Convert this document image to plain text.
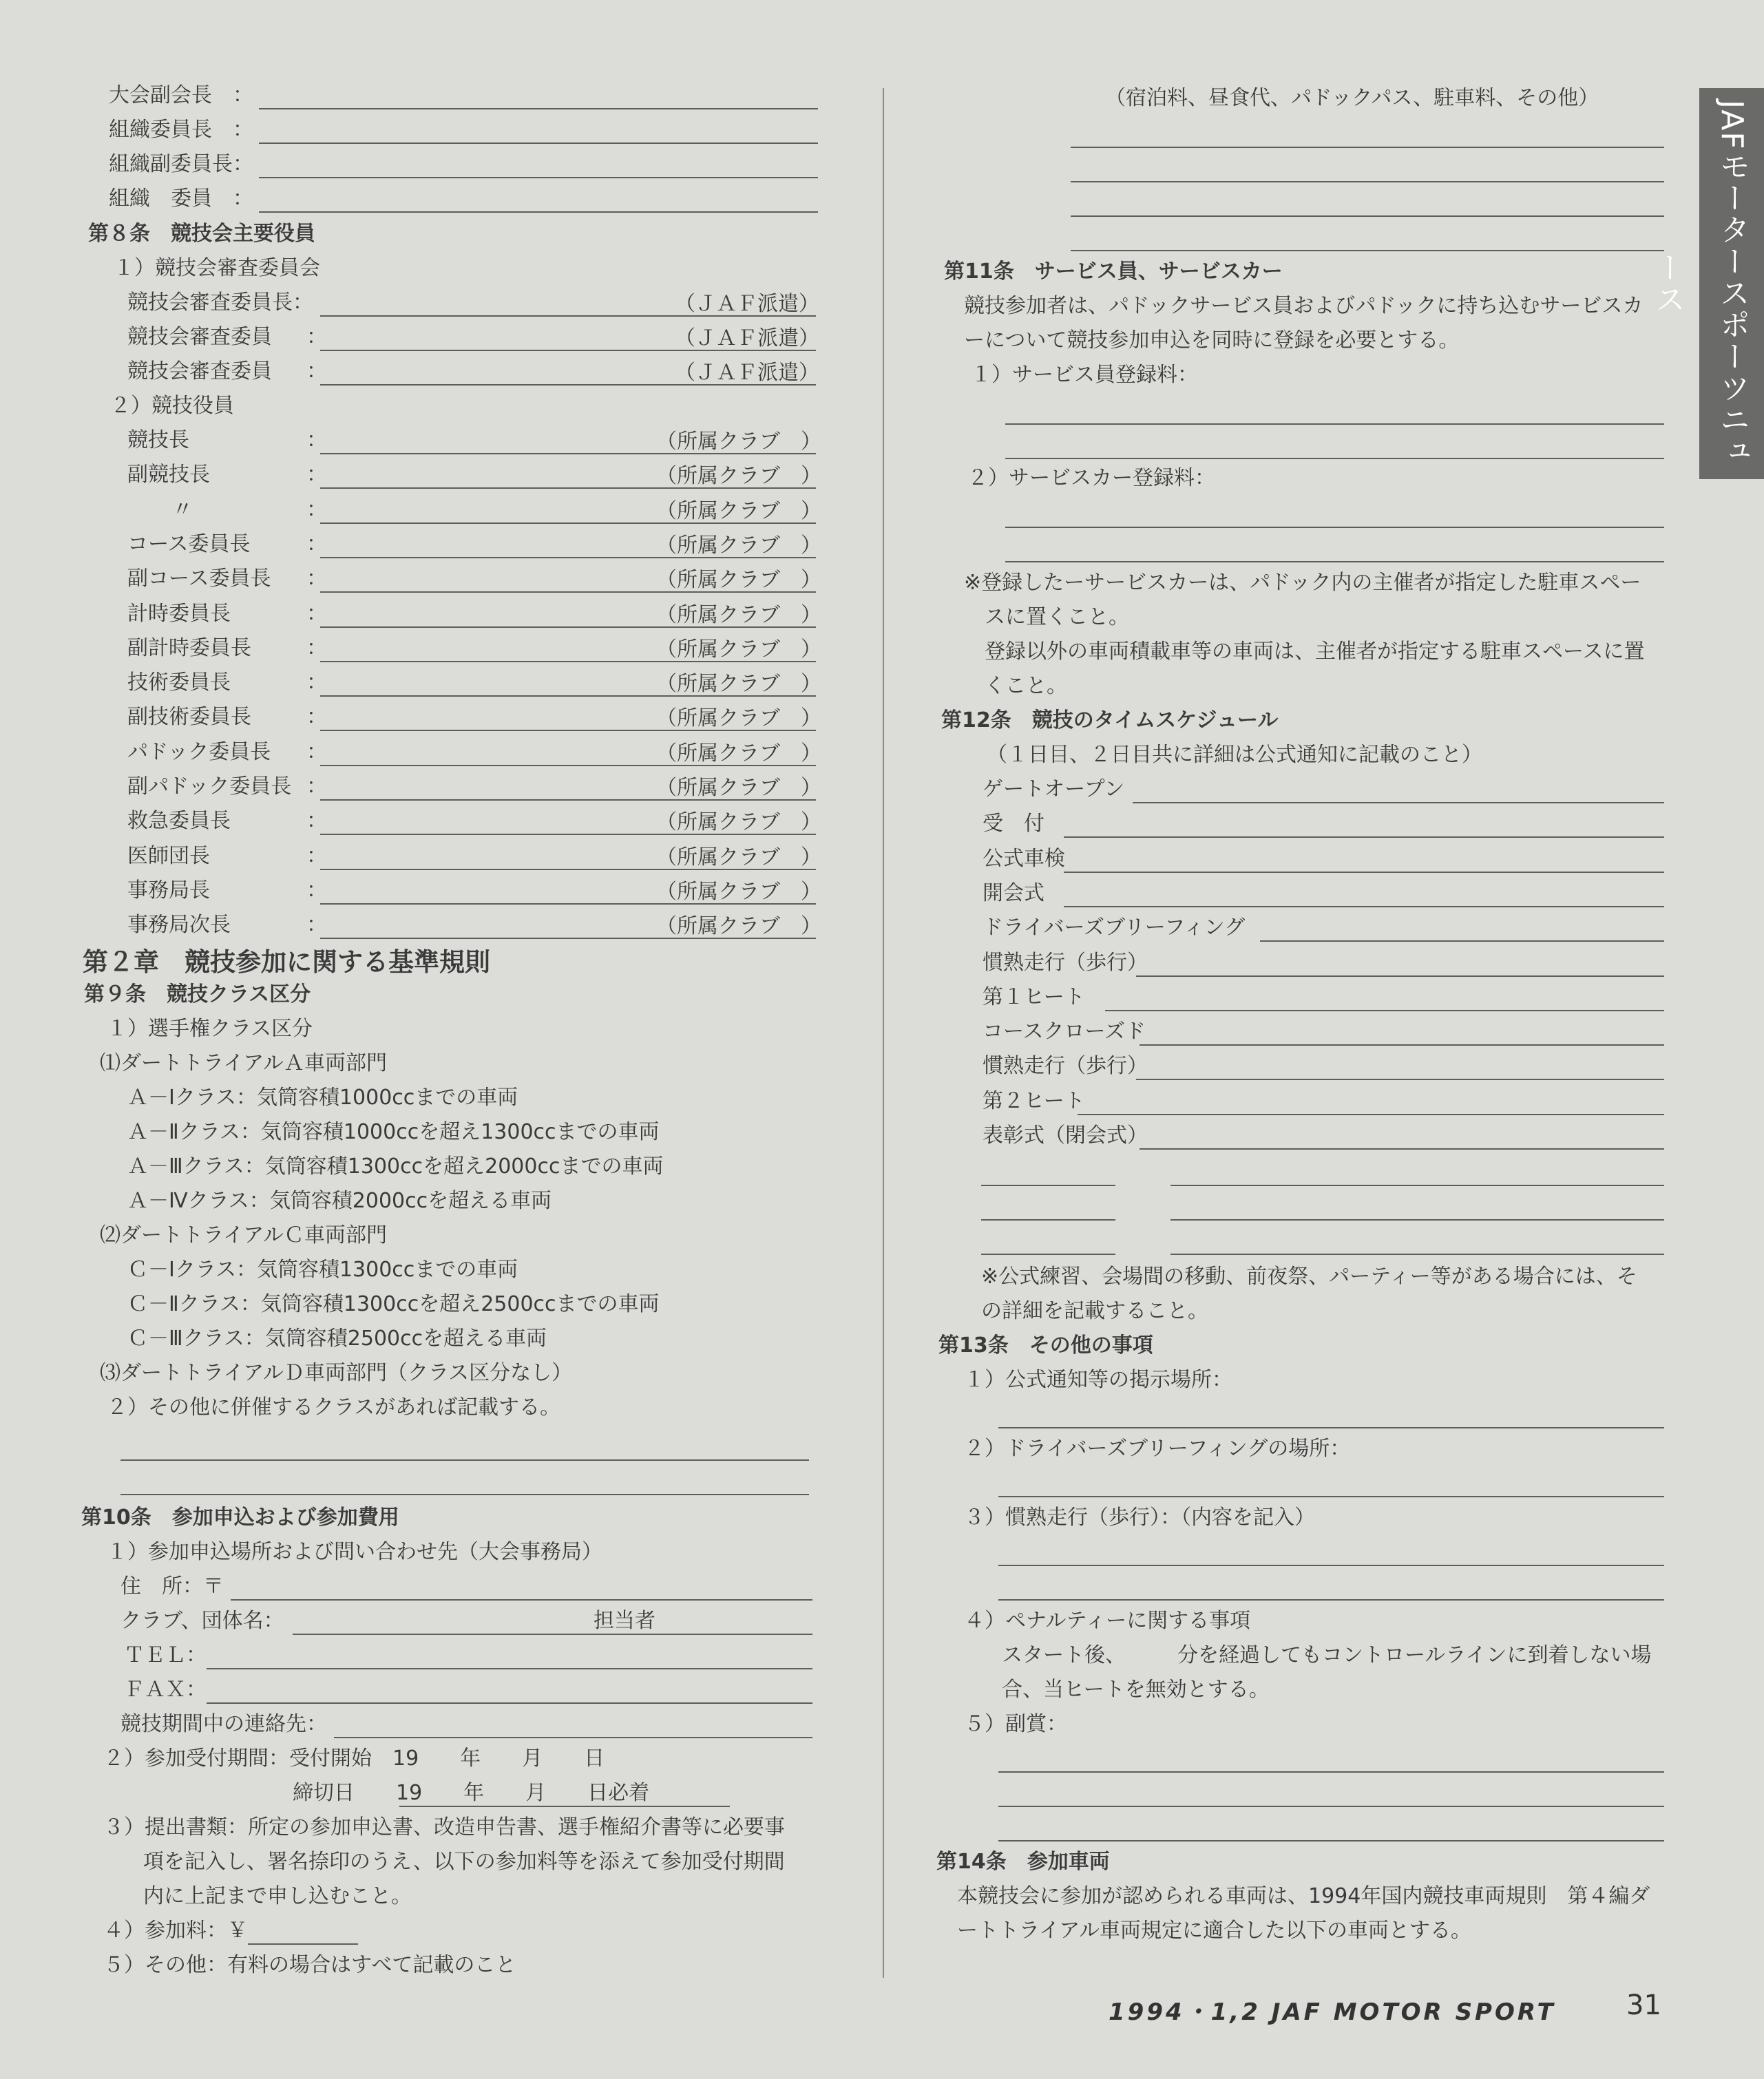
JAFモータースポーツニュース
大会副会長　：
組織委員長　：
組織副委員長：
組織　委員　：
第８条　競技会主要役員
１）競技会審査委員会
競技会審査委員長：	（ＪＡＦ派遣）
競技会審査委員 ：	（ＪＡＦ派遣）
競技会審査委員 ：	（ＪＡＦ派遣）
２）競技役員
競技長	：	（所属クラブ　）
副競技長	：	（所属クラブ　）
〃	：	（所属クラブ　）
コース委員長	：	（所属クラブ　）
副コース委員長 ：	（所属クラブ　）
計時委員長	：	（所属クラブ　）
副計時委員長	：	（所属クラブ　）
技術委員長	：	（所属クラブ　）
副技術委員長	：	（所属クラブ　）
パドック委員長 ：	（所属クラブ　）
副パドック委員長 ：	（所属クラブ　）
救急委員長	：	（所属クラブ　）
医師団長	：	（所属クラブ　）
事務局長	：	（所属クラブ　）
事務局次長	：	（所属クラブ　）
第２章　競技参加に関する基準規則
第９条　競技クラス区分
１）選手権クラス区分
⑴ダートトライアルＡ車両部門
Ａ－Ⅰクラス：気筒容積1000ccまでの車両
Ａ－Ⅱクラス：気筒容積1000ccを超え1300ccまでの車両
Ａ－Ⅲクラス：気筒容積1300ccを超え2000ccまでの車両
Ａ－Ⅳクラス：気筒容積2000ccを超える車両
⑵ダートトライアルＣ車両部門
Ｃ－Ⅰクラス：気筒容積1300ccまでの車両
Ｃ－Ⅱクラス：気筒容積1300ccを超え2500ccまでの車両
Ｃ－Ⅲクラス：気筒容積2500ccを超える車両
⑶ダートトライアルＤ車両部門（クラス区分なし）
２）その他に併催するクラスがあれば記載する。
第10条　参加申込および参加費用
１）参加申込場所および問い合わせ先（大会事務局）
住　所：〒
クラブ、団体名：	担当者
ＴＥＬ：
ＦＡＸ：
競技期間中の連絡先：
２）参加受付期間：受付開始　19　　年　　月　　日
締切日　　19　　年　　月　　日必着
３）提出書類：所定の参加申込書、改造申告書、選手権紹介書等に必要事
項を記入し、署名捺印のうえ、以下の参加料等を添えて参加受付期間
内に上記まで申し込むこと。
４）参加料：￥
５）その他：有料の場合はすべて記載のこと
（宿泊料、昼食代、パドックパス、駐車料、その他）
第11条　サービス員、サービスカー
競技参加者は、パドックサービス員およびパドックに持ち込むサービスカ
ーについて競技参加申込を同時に登録を必要とする。
１）サービス員登録料：
２）サービスカー登録料：
※登録したーサービスカーは、パドック内の主催者が指定した駐車スペー
スに置くこと。
登録以外の車両積載車等の車両は、主催者が指定する駐車スペースに置
くこと。
第12条　競技のタイムスケジュール
（１日目、２日目共に詳細は公式通知に記載のこと）
ゲートオープン
受　付
公式車検
開会式
ドライバーズブリーフィング
慣熟走行（歩行）
第１ヒート
コースクローズド
慣熟走行（歩行）
第２ヒート
表彰式（閉会式）
※公式練習、会場間の移動、前夜祭、パーティー等がある場合には、そ
の詳細を記載すること。
第13条　その他の事項
１）公式通知等の掲示場所：
２）ドライバーズブリーフィングの場所：
３）慣熟走行（歩行）：（内容を記入）
４）ペナルティーに関する事項
スタート後、　　　分を経過してもコントロールラインに到着しない場
合、当ヒートを無効とする。
５）副賞：
第14条　参加車両
本競技会に参加が認められる車両は、1994年国内競技車両規則　第４編ダ
ートトライアル車両規定に適合した以下の車両とする。
1994・1,2 JAF MOTOR SPORT	31
